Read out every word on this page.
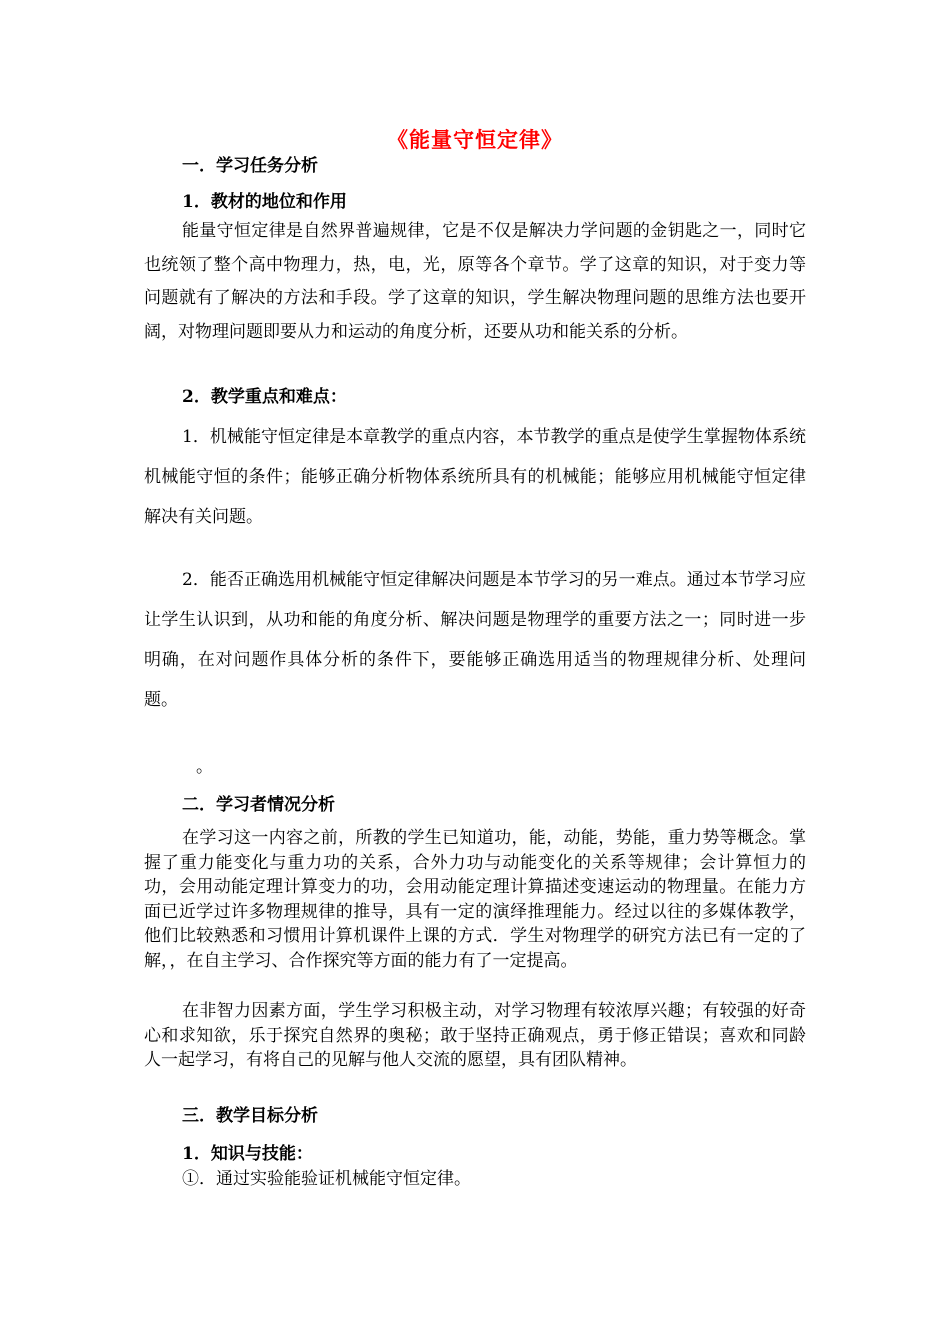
《能量守恒定律》
一．学习任务分析
1．教材的地位和作用

能量守恒定律是自然界普遍规律，它是不仅是解决力学问题的金钥匙之一，同时它也统领了整个高中物理力，热，电，光，原等各个章节。学了这章的知识，对于变力等问题就有了解决的方法和手段。学了这章的知识，学生解决物理问题的思维方法也要开阔，对物理问题即要从力和运动的角度分析，还要从功和能关系的分析。

2．教学重点和难点：

1．机械能守恒定律是本章教学的重点内容，本节教学的重点是使学生掌握物体系统机械能守恒的条件；能够正确分析物体系统所具有的机械能；能够应用机械能守恒定律解决有关问题。

2．能否正确选用机械能守恒定律解决问题是本节学习的另一难点。通过本节学习应让学生认识到，从功和能的角度分析、解决问题是物理学的重要方法之一；同时进一步明确，在对问题作具体分析的条件下，要能够正确选用适当的物理规律分析、处理问题。

。
二．学习者情况分析

在学习这一内容之前，所教的学生已知道功，能，动能，势能，重力势等概念。掌握了重力能变化与重力功的关系，合外力功与动能变化的关系等规律；会计算恒力的功，会用动能定理计算变力的功，会用动能定理计算描述变速运动的物理量。在能力方面已近学过许多物理规律的推导，具有一定的演绎推理能力。经过以往的多媒体教学，他们比较熟悉和习惯用计算机课件上课的方式．学生对物理学的研究方法已有一定的了解，，在自主学习、合作探究等方面的能力有了一定提高。

在非智力因素方面，学生学习积极主动，对学习物理有较浓厚兴趣；有较强的好奇心和求知欲，乐于探究自然界的奥秘；敢于坚持正确观点，勇于修正错误；喜欢和同龄人一起学习，有将自己的见解与他人交流的愿望，具有团队精神。

三．教学目标分析
1．知识与技能：
①．通过实验能验证机械能守恒定律。
